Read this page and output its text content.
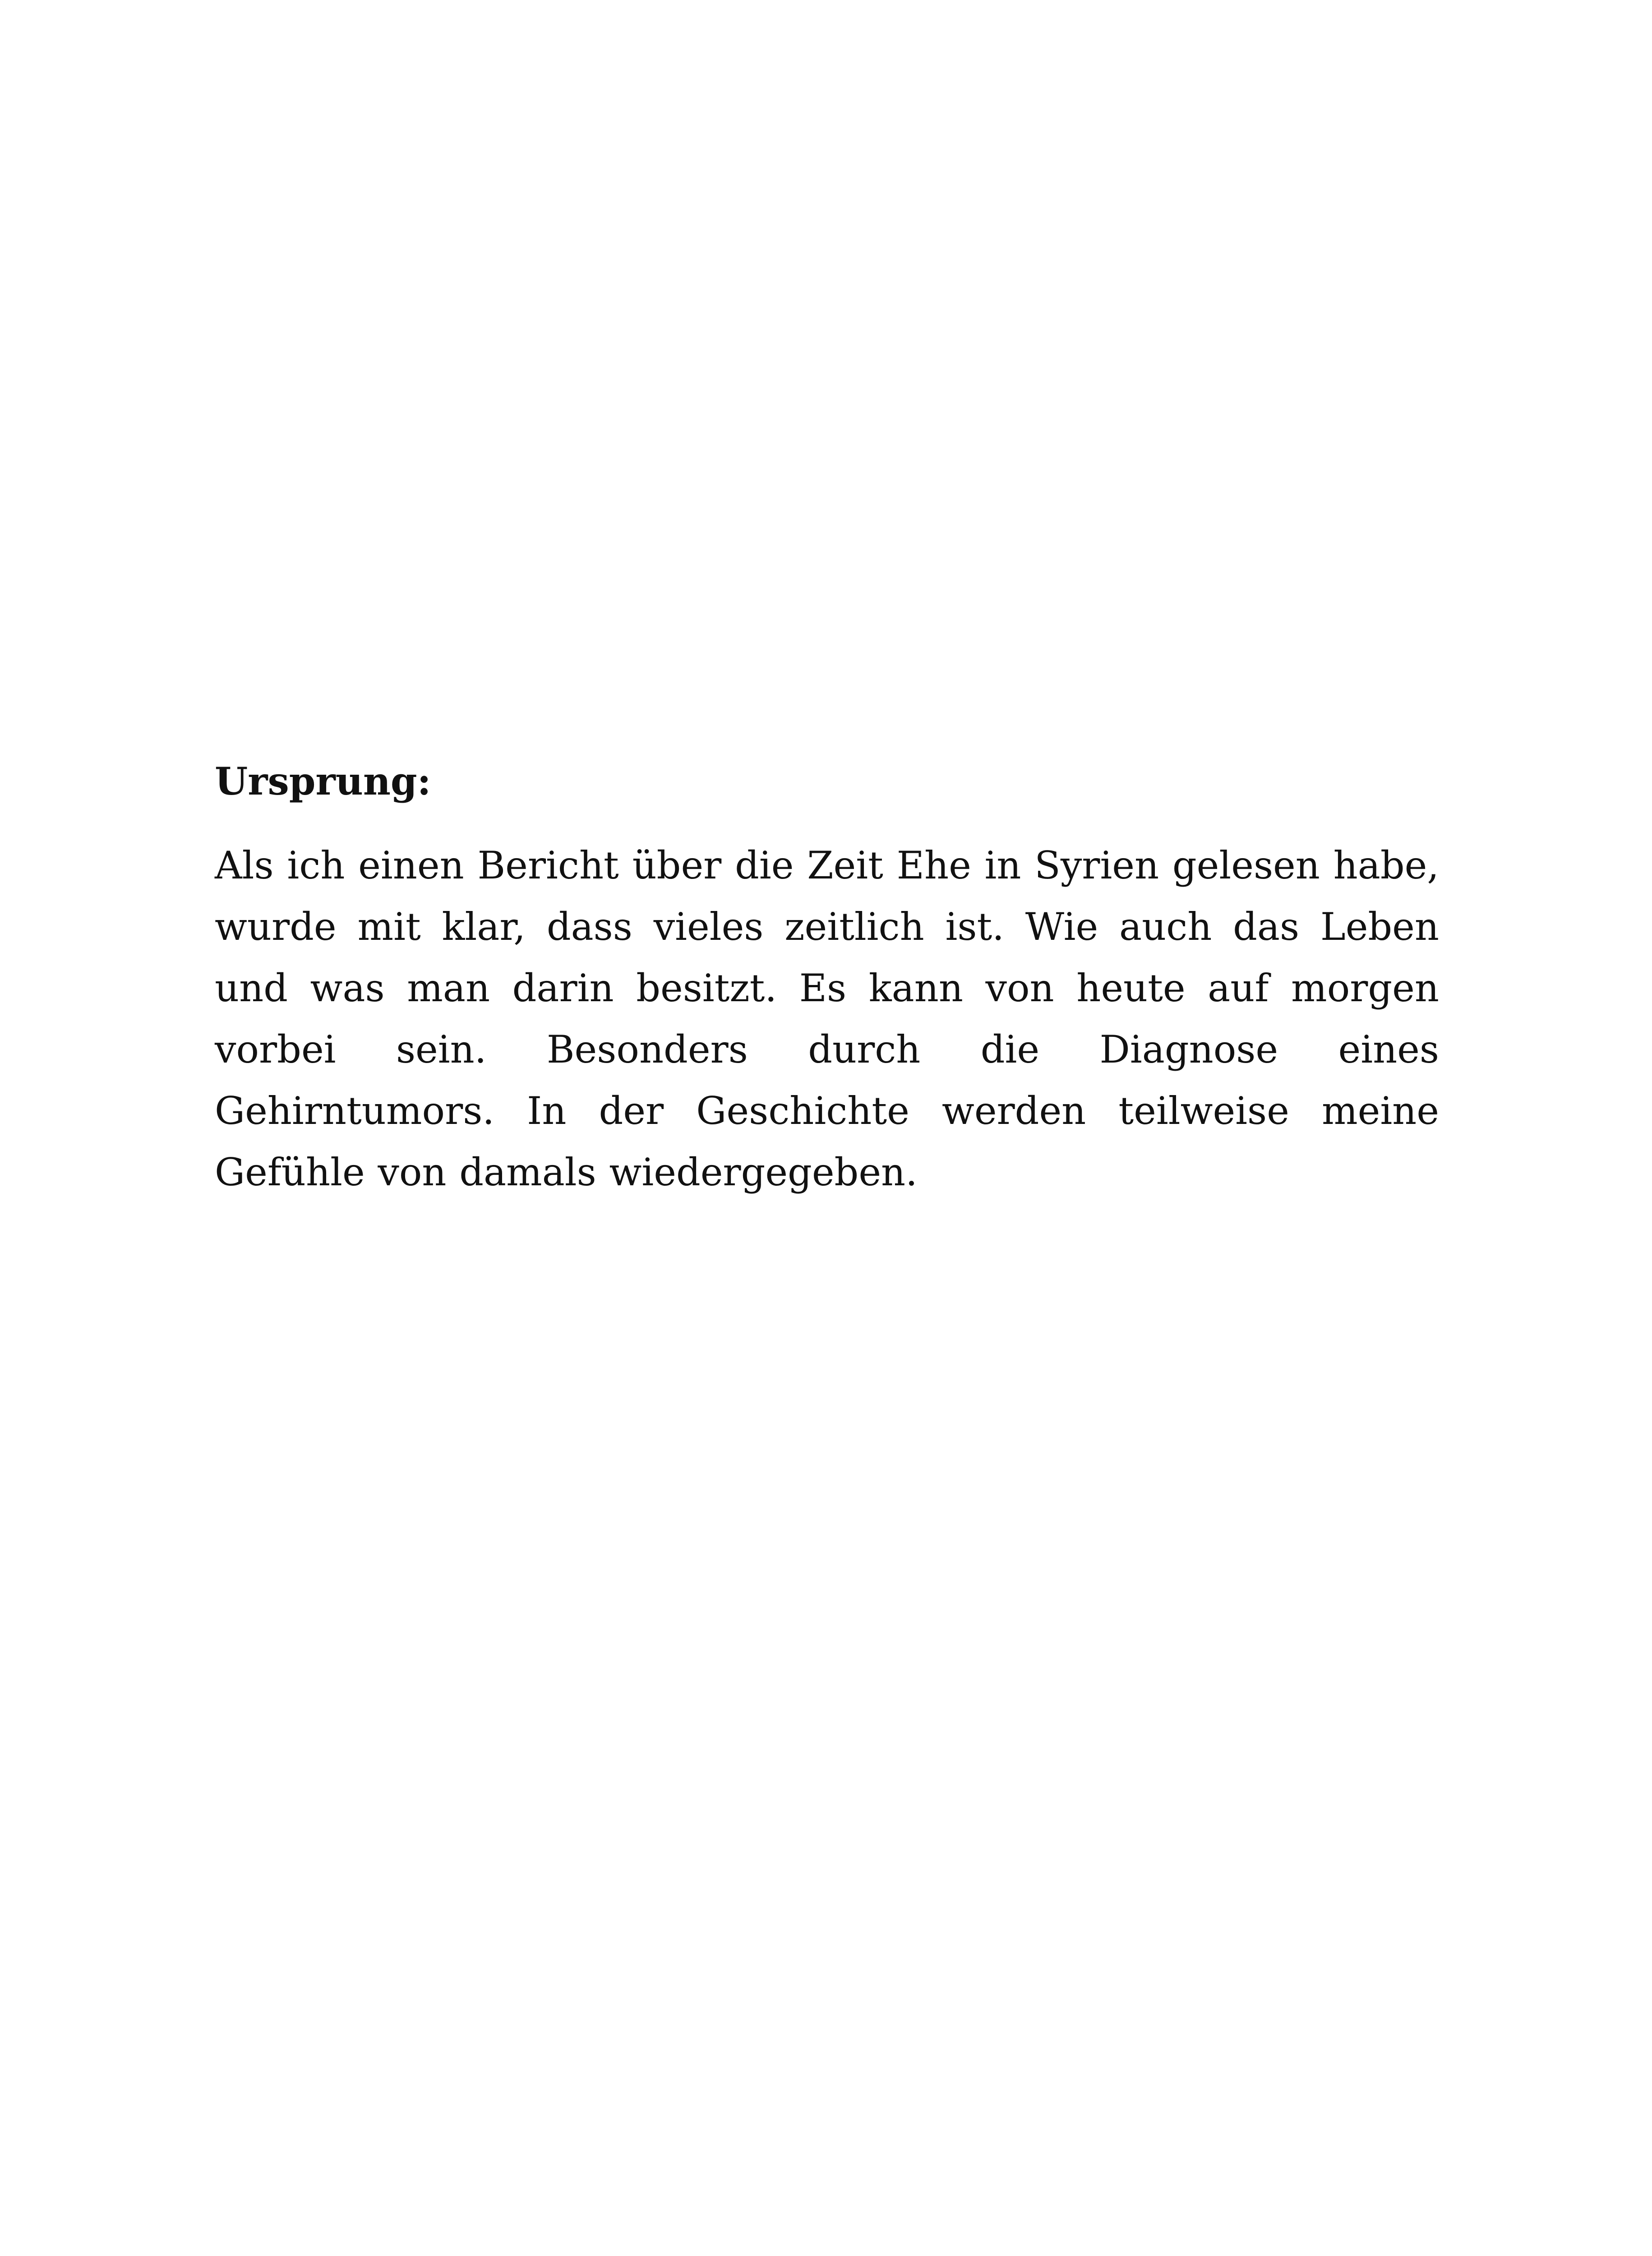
Ursprung:
Als ich einen Bericht über die Zeit Ehe in Syrien gelesen habe,
wurde mit klar, dass vieles zeitlich ist. Wie auch das Leben
und was man darin besitzt. Es kann von heute auf morgen
vorbei sein. Besonders durch die Diagnose eines
Gehirntumors. In der Geschichte werden teilweise meine
Gefühle von damals wiedergegeben.
